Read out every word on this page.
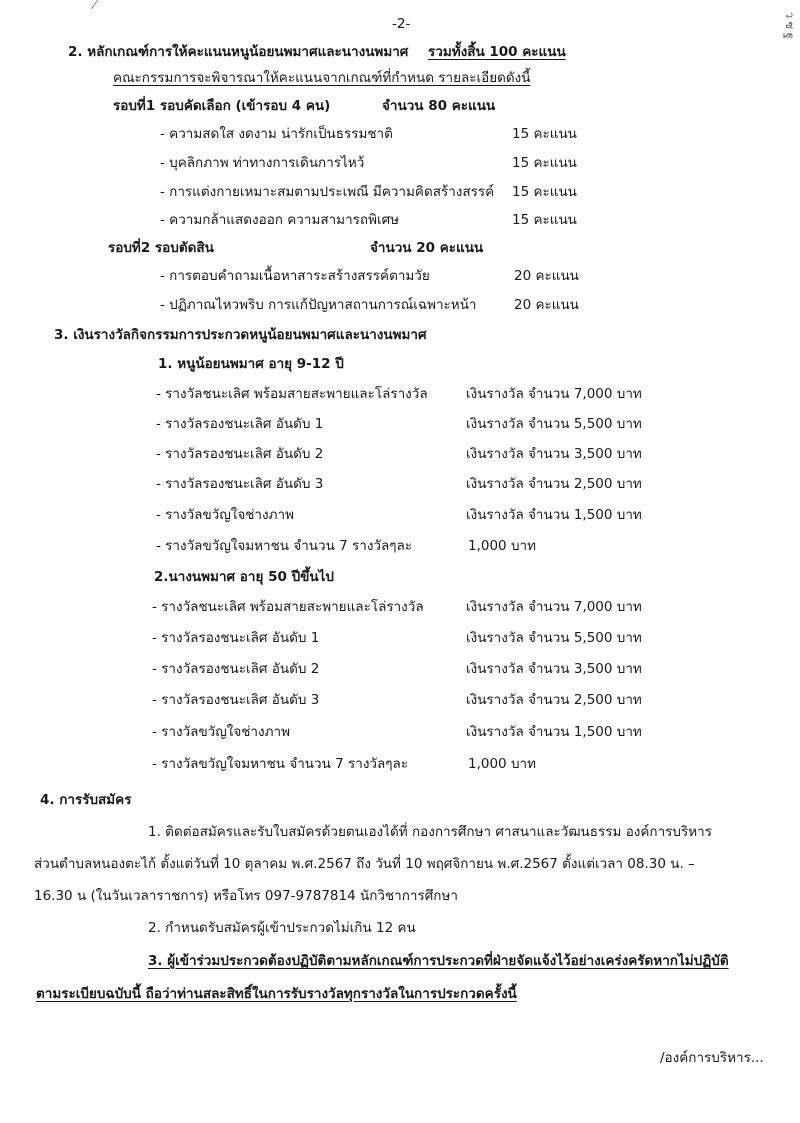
ว ซ ฐ
-2-
2. หลักเกณฑ์การให้คะแนนหนูน้อยนพมาศและนางนพมาศ รวมทั้งสิ้น 100 คะแนน
คณะกรรมการจะพิจารณาให้คะแนนจากเกณฑ์ที่กำหนด รายละเอียดดังนี้
รอบที่1 รอบคัดเลือก (เข้ารอบ 4 คน)	จำนวน 80 คะแนน
- ความสดใส งดงาม น่ารักเป็นธรรมชาติ	15 คะแนน
- บุคลิกภาพ ท่าทางการเดินการไหว้	15 คะแนน
- การแต่งกายเหมาะสมตามประเพณี มีความคิดสร้างสรรค์ 15 คะแนน
- ความกล้าแสดงออก ความสามารถพิเศษ	15 คะแนน
รอบที่2 รอบตัดสิน	จำนวน 20 คะแนน
- การตอบคำถามเนื้อหาสาระสร้างสรรค์ตามวัย	20 คะแนน
- ปฏิภาณไหวพริบ การแก้ปัญหาสถานการณ์เฉพาะหน้า	20 คะแนน
3. เงินรางวัลกิจกรรมการประกวดหนูน้อยนพมาศและนางนพมาศ
1. หนูน้อยนพมาศ อายุ 9-12 ปี
- รางวัลชนะเลิศ พร้อมสายสะพายและโล่รางวัล	เงินรางวัล จำนวน 7,000 บาท
- รางวัลรองชนะเลิศ อันดับ 1	เงินรางวัล จำนวน 5,500 บาท
- รางวัลรองชนะเลิศ อันดับ 2	เงินรางวัล จำนวน 3,500 บาท
- รางวัลรองชนะเลิศ อันดับ 3	เงินรางวัล จำนวน 2,500 บาท
- รางวัลขวัญใจช่างภาพ	เงินรางวัล จำนวน 1,500 บาท
- รางวัลขวัญใจมหาชน จำนวน 7 รางวัลๆละ	1,000 บาท
2.นางนพมาศ อายุ 50 ปีขึ้นไป
- รางวัลชนะเลิศ พร้อมสายสะพายและโล่รางวัล	เงินรางวัล จำนวน 7,000 บาท
- รางวัลรองชนะเลิศ อันดับ 1	เงินรางวัล จำนวน 5,500 บาท
- รางวัลรองชนะเลิศ อันดับ 2	เงินรางวัล จำนวน 3,500 บาท
- รางวัลรองชนะเลิศ อันดับ 3	เงินรางวัล จำนวน 2,500 บาท
- รางวัลขวัญใจช่างภาพ	เงินรางวัล จำนวน 1,500 บาท
- รางวัลขวัญใจมหาชน จำนวน 7 รางวัลๆละ	1,000 บาท
4. การรับสมัคร
1. ติดต่อสมัครและรับใบสมัครด้วยตนเองได้ที่ กองการศึกษา ศาสนาและวัฒนธรรม องค์การบริหาร
ส่วนตำบลหนองตะไก้ ตั้งแต่วันที่ 10 ตุลาคม พ.ศ.2567 ถึง วันที่ 10 พฤศจิกายน พ.ศ.2567 ตั้งแต่เวลา 08.30 น. –
16.30 น (ในวันเวลาราชการ) หรือโทร 097-9787814 นักวิชาการศึกษา
2. กำหนดรับสมัครผู้เข้าประกวดไม่เกิน 12 คน
3. ผู้เข้าร่วมประกวดต้องปฏิบัติตามหลักเกณฑ์การประกวดที่ฝ่ายจัดแจ้งไว้อย่างเคร่งครัดหากไม่ปฏิบัติ
ตามระเบียบฉบับนี้ ถือว่าท่านสละสิทธิ์ในการรับรางวัลทุกรางวัลในการประกวดครั้งนี้
/องค์การบริหาร...
